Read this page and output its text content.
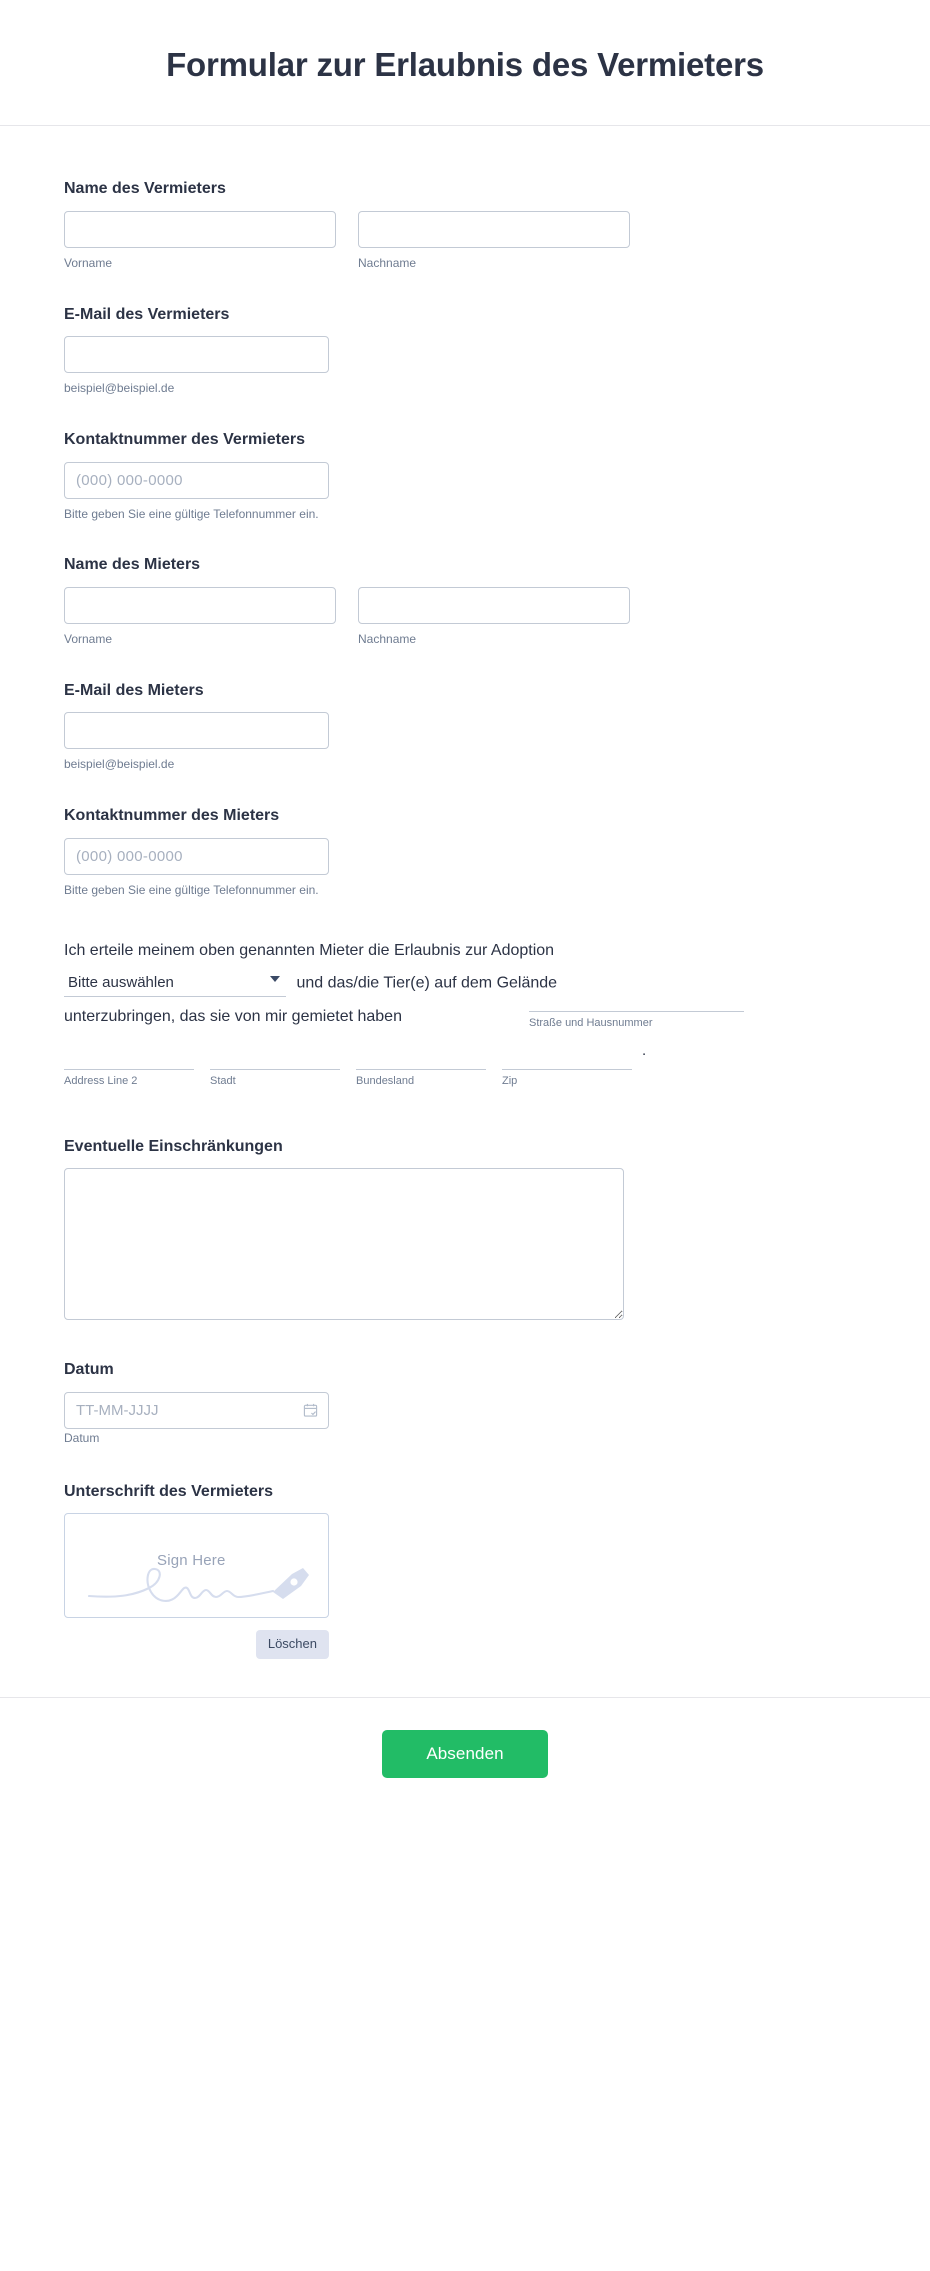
Formular zur Erlaubnis des Vermieters
Name des Vermieters
Vorname	Nachname
E-Mail des Vermieters
beispiel@beispiel.de
Kontaktnummer des Vermieters
(000) 000-0000
Bitte geben Sie eine gültige Telefonnummer ein.
Name des Mieters
Vorname	Nachname
E-Mail des Mieters
beispiel@beispiel.de
Kontaktnummer des Mieters
(000) 000-0000
Bitte geben Sie eine gültige Telefonnummer ein.
Ich erteile meinem oben genannten Mieter die Erlaubnis zur Adoption
Bitte auswählen
und das/die Tier(e) auf dem Gelände
unterzubringen, das sie von mir gemietet haben	Straße und Hausnummer
Address Line 2	Stadt	Bundesland	Zip
.
Eventuelle Einschränkungen
Datum
TT-MM-JJJJ
Datum
Unterschrift des Vermieters
Sign Here
Löschen
Absenden
